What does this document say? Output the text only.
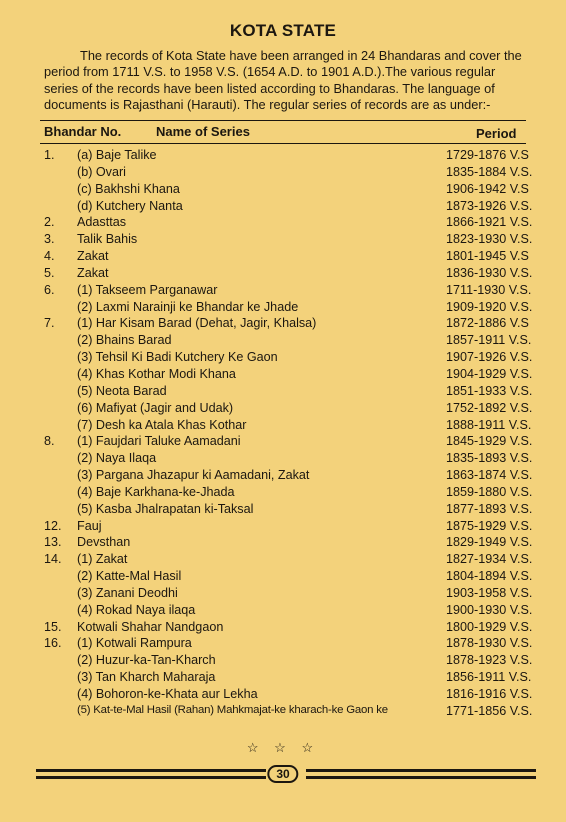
KOTA STATE
The records of Kota State have been arranged in 24 Bhandaras and cover the
period from 1711 V.S. to 1958 V.S. (1654 A.D. to 1901 A.D.).The various regular
series of the records have been listed according to Bhandaras. The language of
documents is Rajasthani (Harauti). The regular series of records are as under:-
Bhandar No.	Name of Series	Period
1.	(a) Baje Talike	1729-1876 V.S
(b) Ovari	1835-1884 V.S.
(c) Bakhshi Khana	1906-1942 V.S
(d) Kutchery Nanta	1873-1926 V.S.
2.	Adasttas	1866-1921 V.S.
3.	Talik Bahis	1823-1930 V.S.
4.	Zakat	1801-1945 V.S
5.	Zakat	1836-1930 V.S.
6.	(1) Takseem Parganawar	1711-1930 V.S.
(2) Laxmi Narainji ke Bhandar ke Jhade	1909-1920 V.S.
7.	(1) Har Kisam Barad (Dehat, Jagir, Khalsa)	1872-1886 V.S
(2) Bhains Barad	1857-1911 V.S.
(3) Tehsil Ki Badi Kutchery Ke Gaon	1907-1926 V.S.
(4) Khas Kothar Modi Khana	1904-1929 V.S.
(5) Neota Barad	1851-1933 V.S.
(6) Mafiyat (Jagir and Udak)	1752-1892 V.S.
(7) Desh ka Atala Khas Kothar	1888-1911 V.S.
8.	(1) Faujdari Taluke Aamadani	1845-1929 V.S.
(2) Naya Ilaqa	1835-1893 V.S.
(3) Pargana Jhazapur ki Aamadani, Zakat	1863-1874 V.S.
(4) Baje Karkhana-ke-Jhada	1859-1880 V.S.
(5) Kasba Jhalrapatan ki-Taksal	1877-1893 V.S.
12.	Fauj	1875-1929 V.S.
13.	Devsthan	1829-1949 V.S.
14.	(1) Zakat	1827-1934 V.S.
(2) Katte-Mal Hasil	1804-1894 V.S.
(3) Zanani Deodhi	1903-1958 V.S.
(4) Rokad Naya ilaqa	1900-1930 V.S.
15.	Kotwali Shahar Nandgaon	1800-1929 V.S.
16.	(1) Kotwali Rampura	1878-1930 V.S.
(2) Huzur-ka-Tan-Kharch	1878-1923 V.S.
(3) Tan Kharch Maharaja	1856-1911 V.S.
(4) Bohoron-ke-Khata aur Lekha	1816-1916 V.S.
(5) Kat-te-Mal Hasil (Rahan) Mahkmajat-ke kharach-ke Gaon ke	1771-1856 V.S.
☆ ☆ ☆
30
